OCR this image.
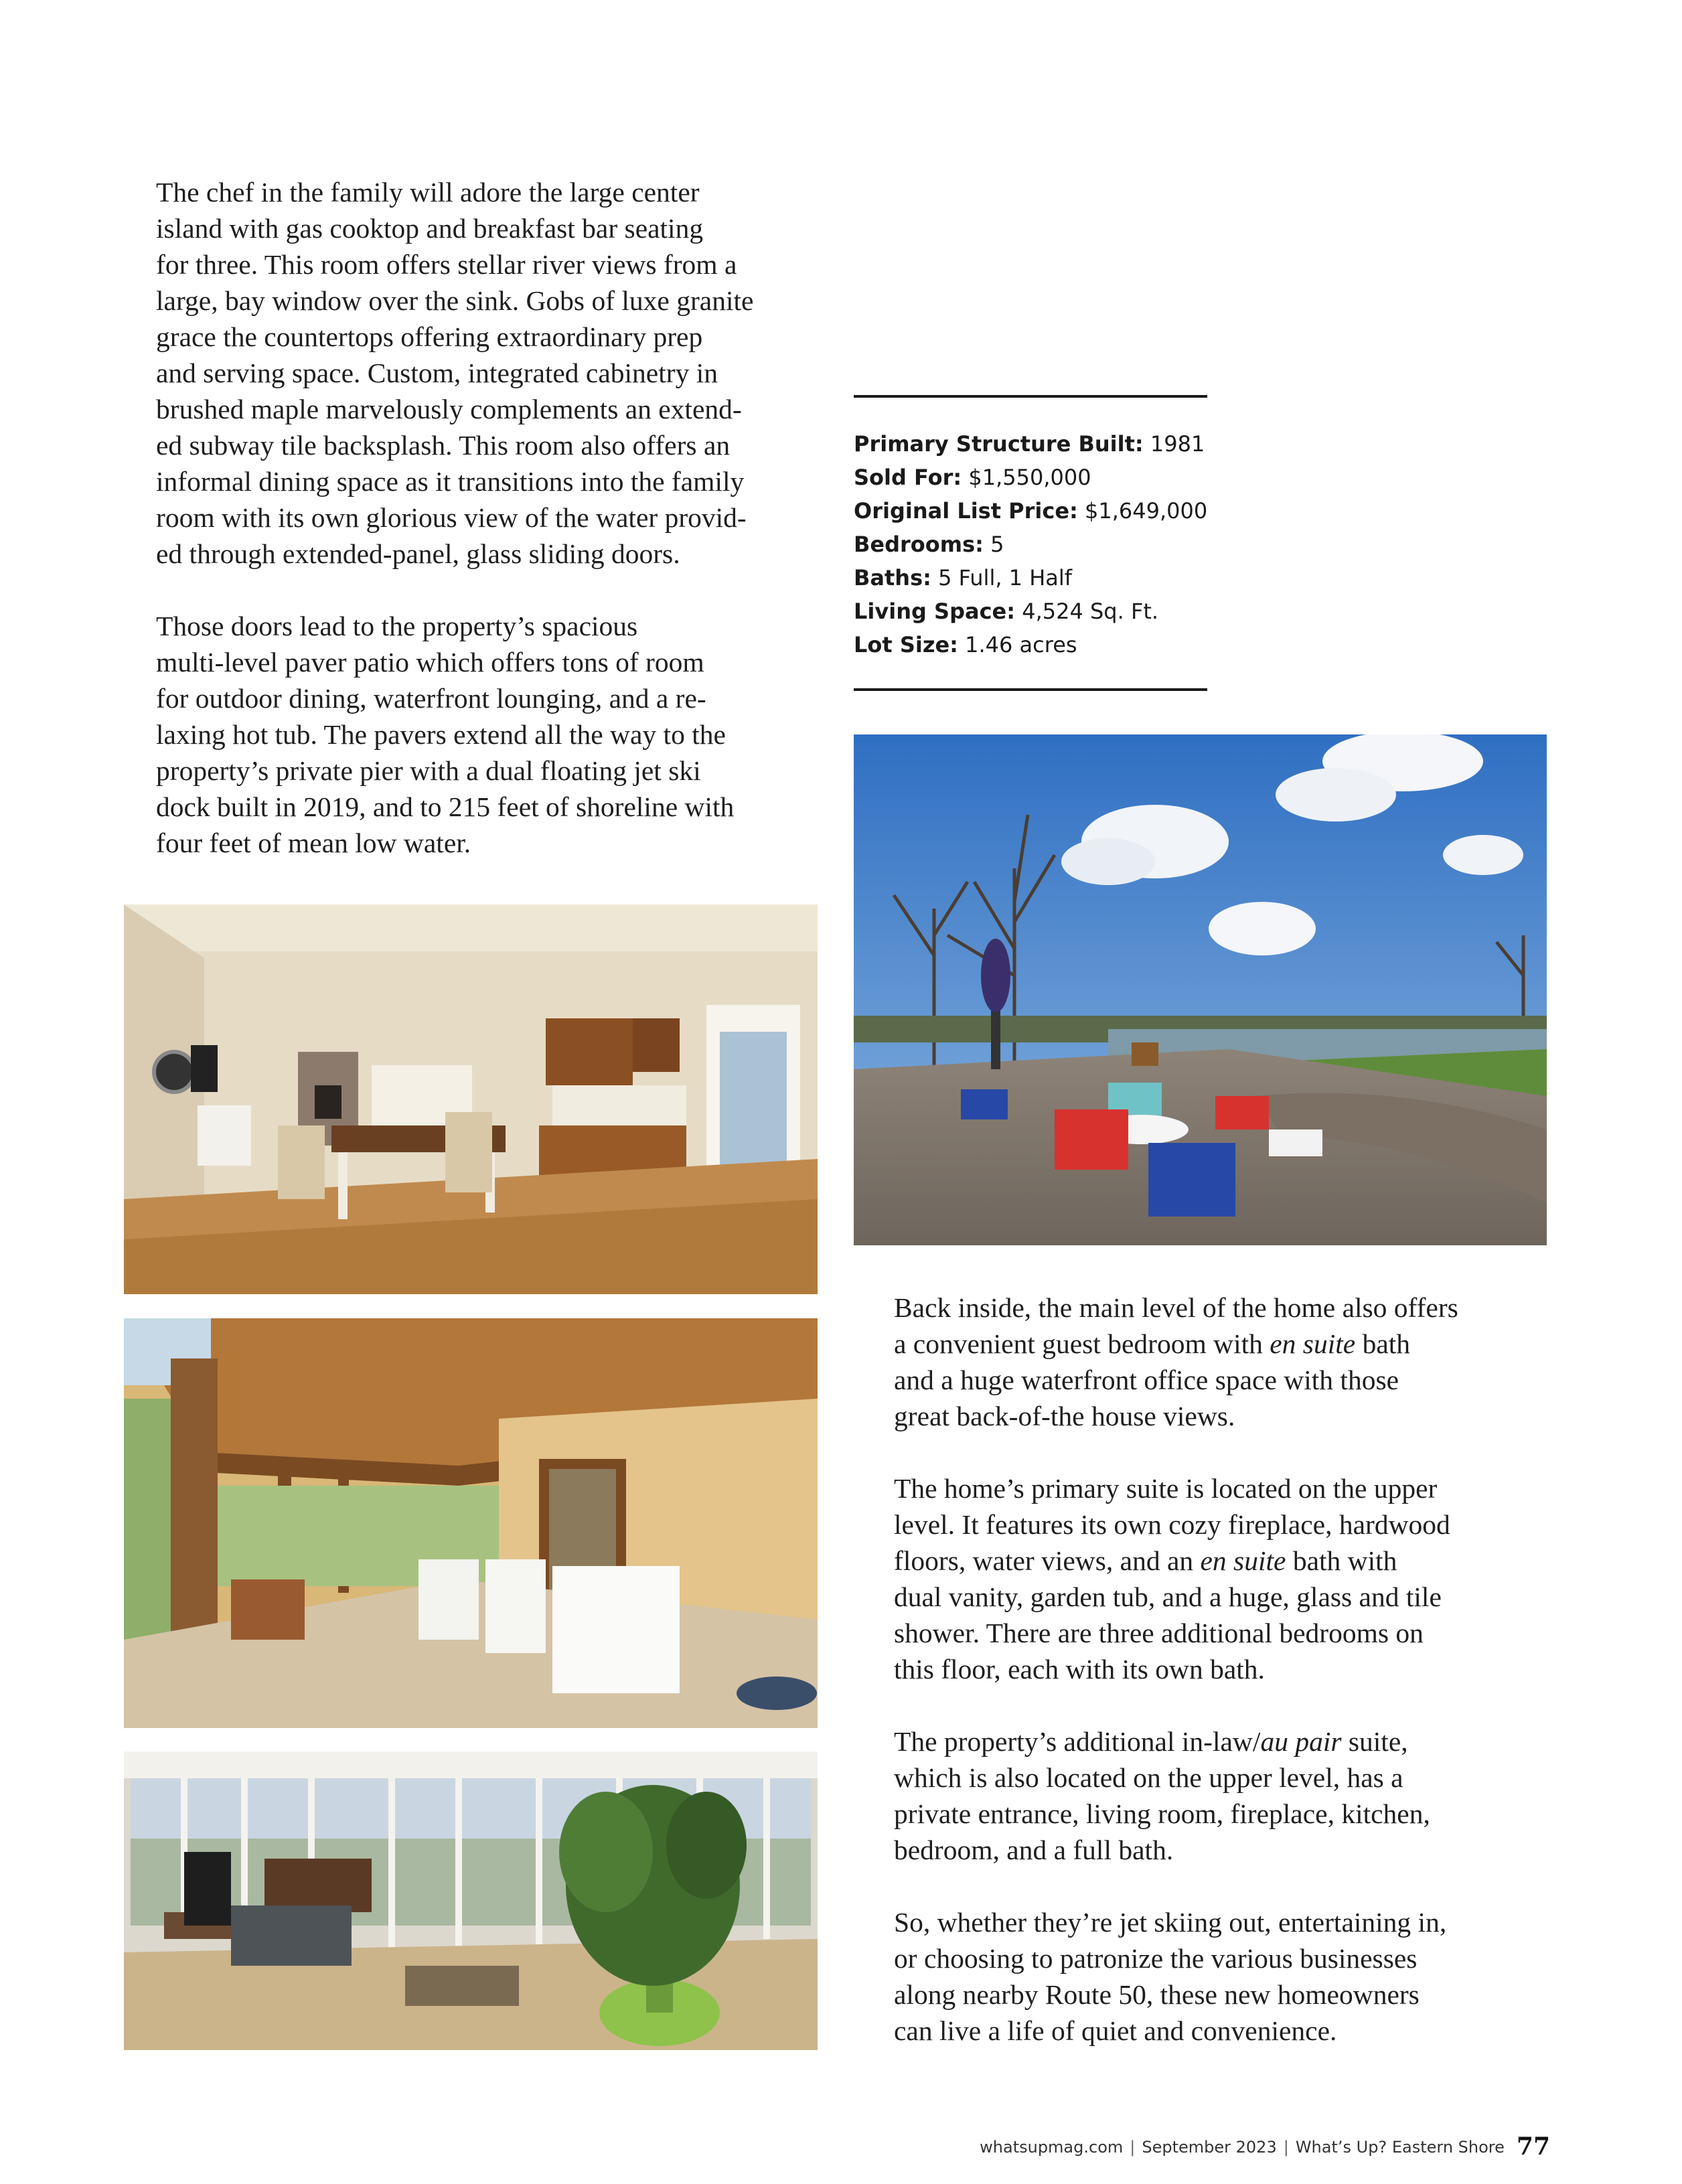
The chef in the family will adore the large center
island with gas cooktop and breakfast bar seating
for three. This room offers stellar river views from a
large, bay window over the sink. Gobs of luxe granite
grace the countertops offering extraordinary prep
and serving space. Custom, integrated cabinetry in
brushed maple marvelously complements an extend-
ed subway tile backsplash. This room also offers an
informal dining space as it transitions into the family
room with its own glorious view of the water provid-
ed through extended-panel, glass sliding doors.

Those doors lead to the property’s spacious
multi-level paver patio which offers tons of room
for outdoor dining, waterfront lounging, and a re-
laxing hot tub. The pavers extend all the way to the
property’s private pier with a dual floating jet ski
dock built in 2019, and to 215 feet of shoreline with
four feet of mean low water.

Primary Structure Built: 1981
Sold For: $1,550,000
Original List Price: $1,649,000
Bedrooms: 5
Baths: 5 Full, 1 Half
Living Space: 4,524 Sq. Ft.
Lot Size: 1.46 acres

Back inside, the main level of the home also offers
a convenient guest bedroom with en suite bath
and a huge waterfront office space with those
great back-of-the house views.

The home’s primary suite is located on the upper
level. It features its own cozy fireplace, hardwood
floors, water views, and an en suite bath with
dual vanity, garden tub, and a huge, glass and tile
shower. There are three additional bedrooms on
this floor, each with its own bath.

The property’s additional in-law/au pair suite,
which is also located on the upper level, has a
private entrance, living room, fireplace, kitchen,
bedroom, and a full bath.

So, whether they’re jet skiing out, entertaining in,
or choosing to patronize the various businesses
along nearby Route 50, these new homeowners
can live a life of quiet and convenience.

whatsupmag.com | September 2023 | What’s Up? Eastern Shore 77
